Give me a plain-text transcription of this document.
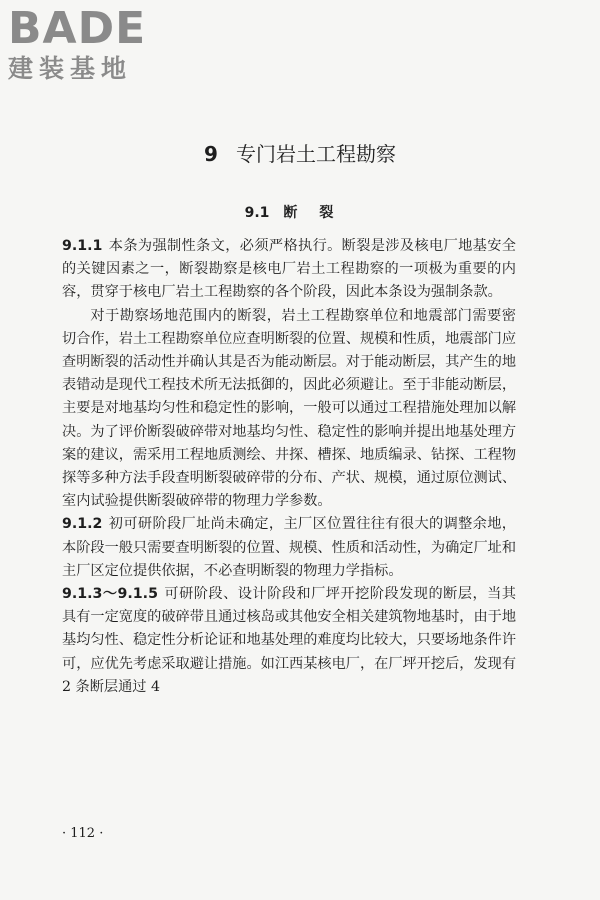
BADE
建装基地
9 专门岩土工程勘察
9.1 断裂

9.1.1 本条为强制性条文，必须严格执行。断裂是涉及核电厂地基安全的关键因素之一，断裂勘察是核电厂岩土工程勘察的一项极为重要的内容，贯穿于核电厂岩土工程勘察的各个阶段，因此本条设为强制条款。

对于勘察场地范围内的断裂，岩土工程勘察单位和地震部门需要密切合作，岩土工程勘察单位应查明断裂的位置、规模和性质，地震部门应查明断裂的活动性并确认其是否为能动断层。对于能动断层，其产生的地表错动是现代工程技术所无法抵御的，因此必须避让。至于非能动断层，主要是对地基均匀性和稳定性的影响，一般可以通过工程措施处理加以解决。为了评价断裂破碎带对地基均匀性、稳定性的影响并提出地基处理方案的建议，需采用工程地质测绘、井探、槽探、地质编录、钻探、工程物探等多种方法手段查明断裂破碎带的分布、产状、规模，通过原位测试、室内试验提供断裂破碎带的物理力学参数。

9.1.2 初可研阶段厂址尚未确定，主厂区位置往往有很大的调整余地，本阶段一般只需要查明断裂的位置、规模、性质和活动性，为确定厂址和主厂区定位提供依据，不必查明断裂的物理力学指标。

9.1.3～9.1.5 可研阶段、设计阶段和厂坪开挖阶段发现的断层，当其具有一定宽度的破碎带且通过核岛或其他安全相关建筑物地基时，由于地基均匀性、稳定性分析论证和地基处理的难度均比较大，只要场地条件许可，应优先考虑采取避让措施。如江西某核电厂，在厂坪开挖后，发现有 2 条断层通过 4

· 112 ·
